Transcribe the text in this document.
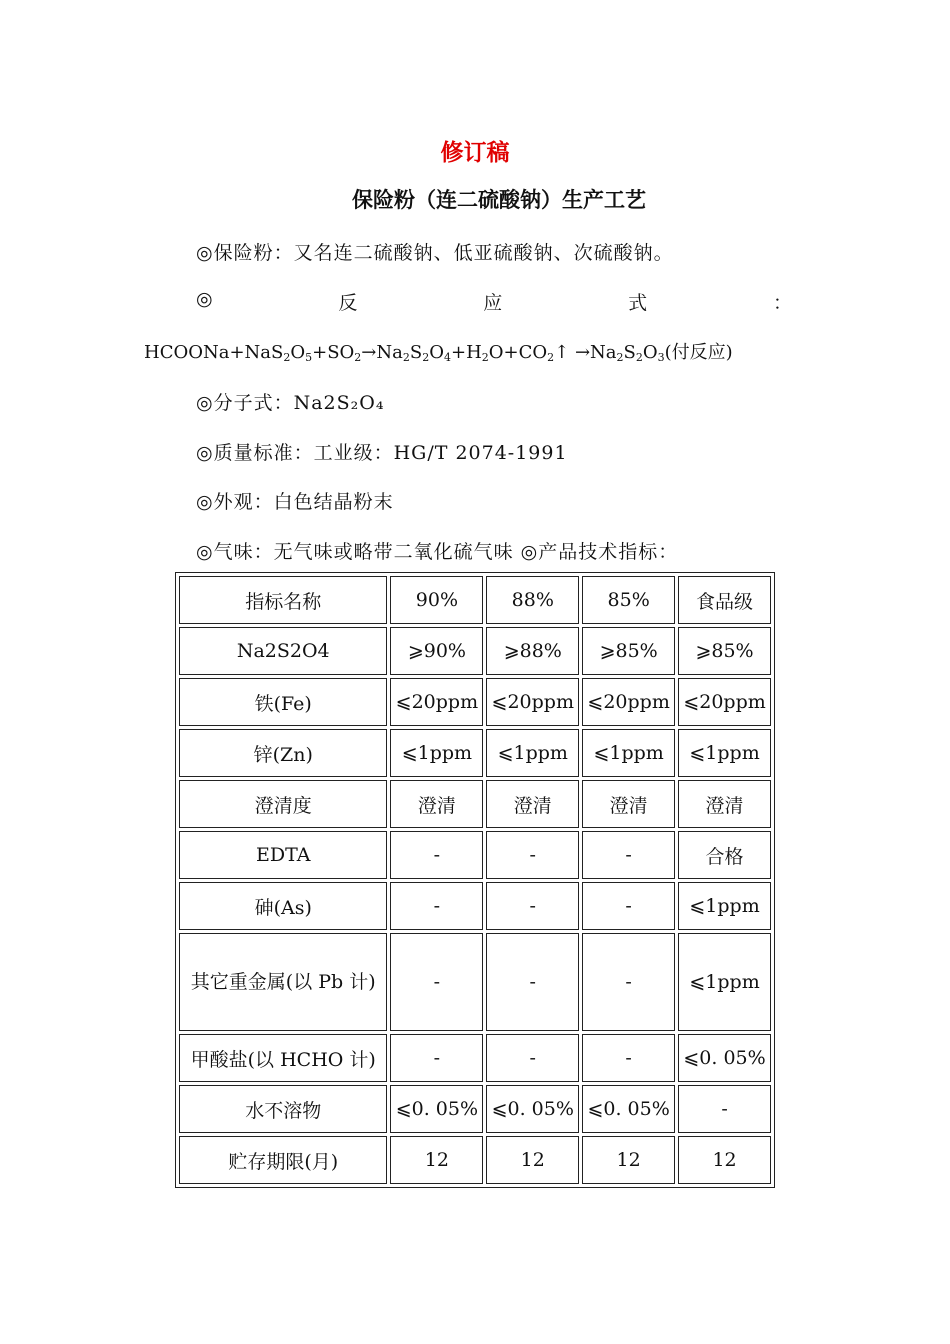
修订稿
保险粉（连二硫酸钠）生产工艺
◎保险粉：又名连二硫酸钠、低亚硫酸钠、次硫酸钠。
◎	反	应	式	：
$HCOONa+NaS_2O_5+SO_2\to Na_2S_2O_4+H_2O+CO_2↑ \to Na_2S_2O_3$(付反应)
◎分子式：Na2S₂O₄
◎质量标准：工业级：HG/T 2074-1991
◎外观：白色结晶粉末
◎气味：无气味或略带二氧化硫气味 ◎产品技术指标：
指标名称	90%	88%	85%	食品级
Na2S2O4	⩾90%	⩾88%	⩾85%	⩾85%
铁(Fe)	⩽20ppm	⩽20ppm	⩽20ppm	⩽20ppm
锌(Zn)	⩽1ppm	⩽1ppm	⩽1ppm	⩽1ppm
澄清度	澄清	澄清	澄清	澄清
EDTA	-	-	-	合格
砷(As)	-	-	-	⩽1ppm
其它重金属(以 Pb 计)	-	-	-	⩽1ppm
甲酸盐(以 HCHO 计)	-	-	-	⩽0. 05%
水不溶物	⩽0. 05%	⩽0. 05%	⩽0. 05%	-
贮存期限(月)	12	12	12	12
